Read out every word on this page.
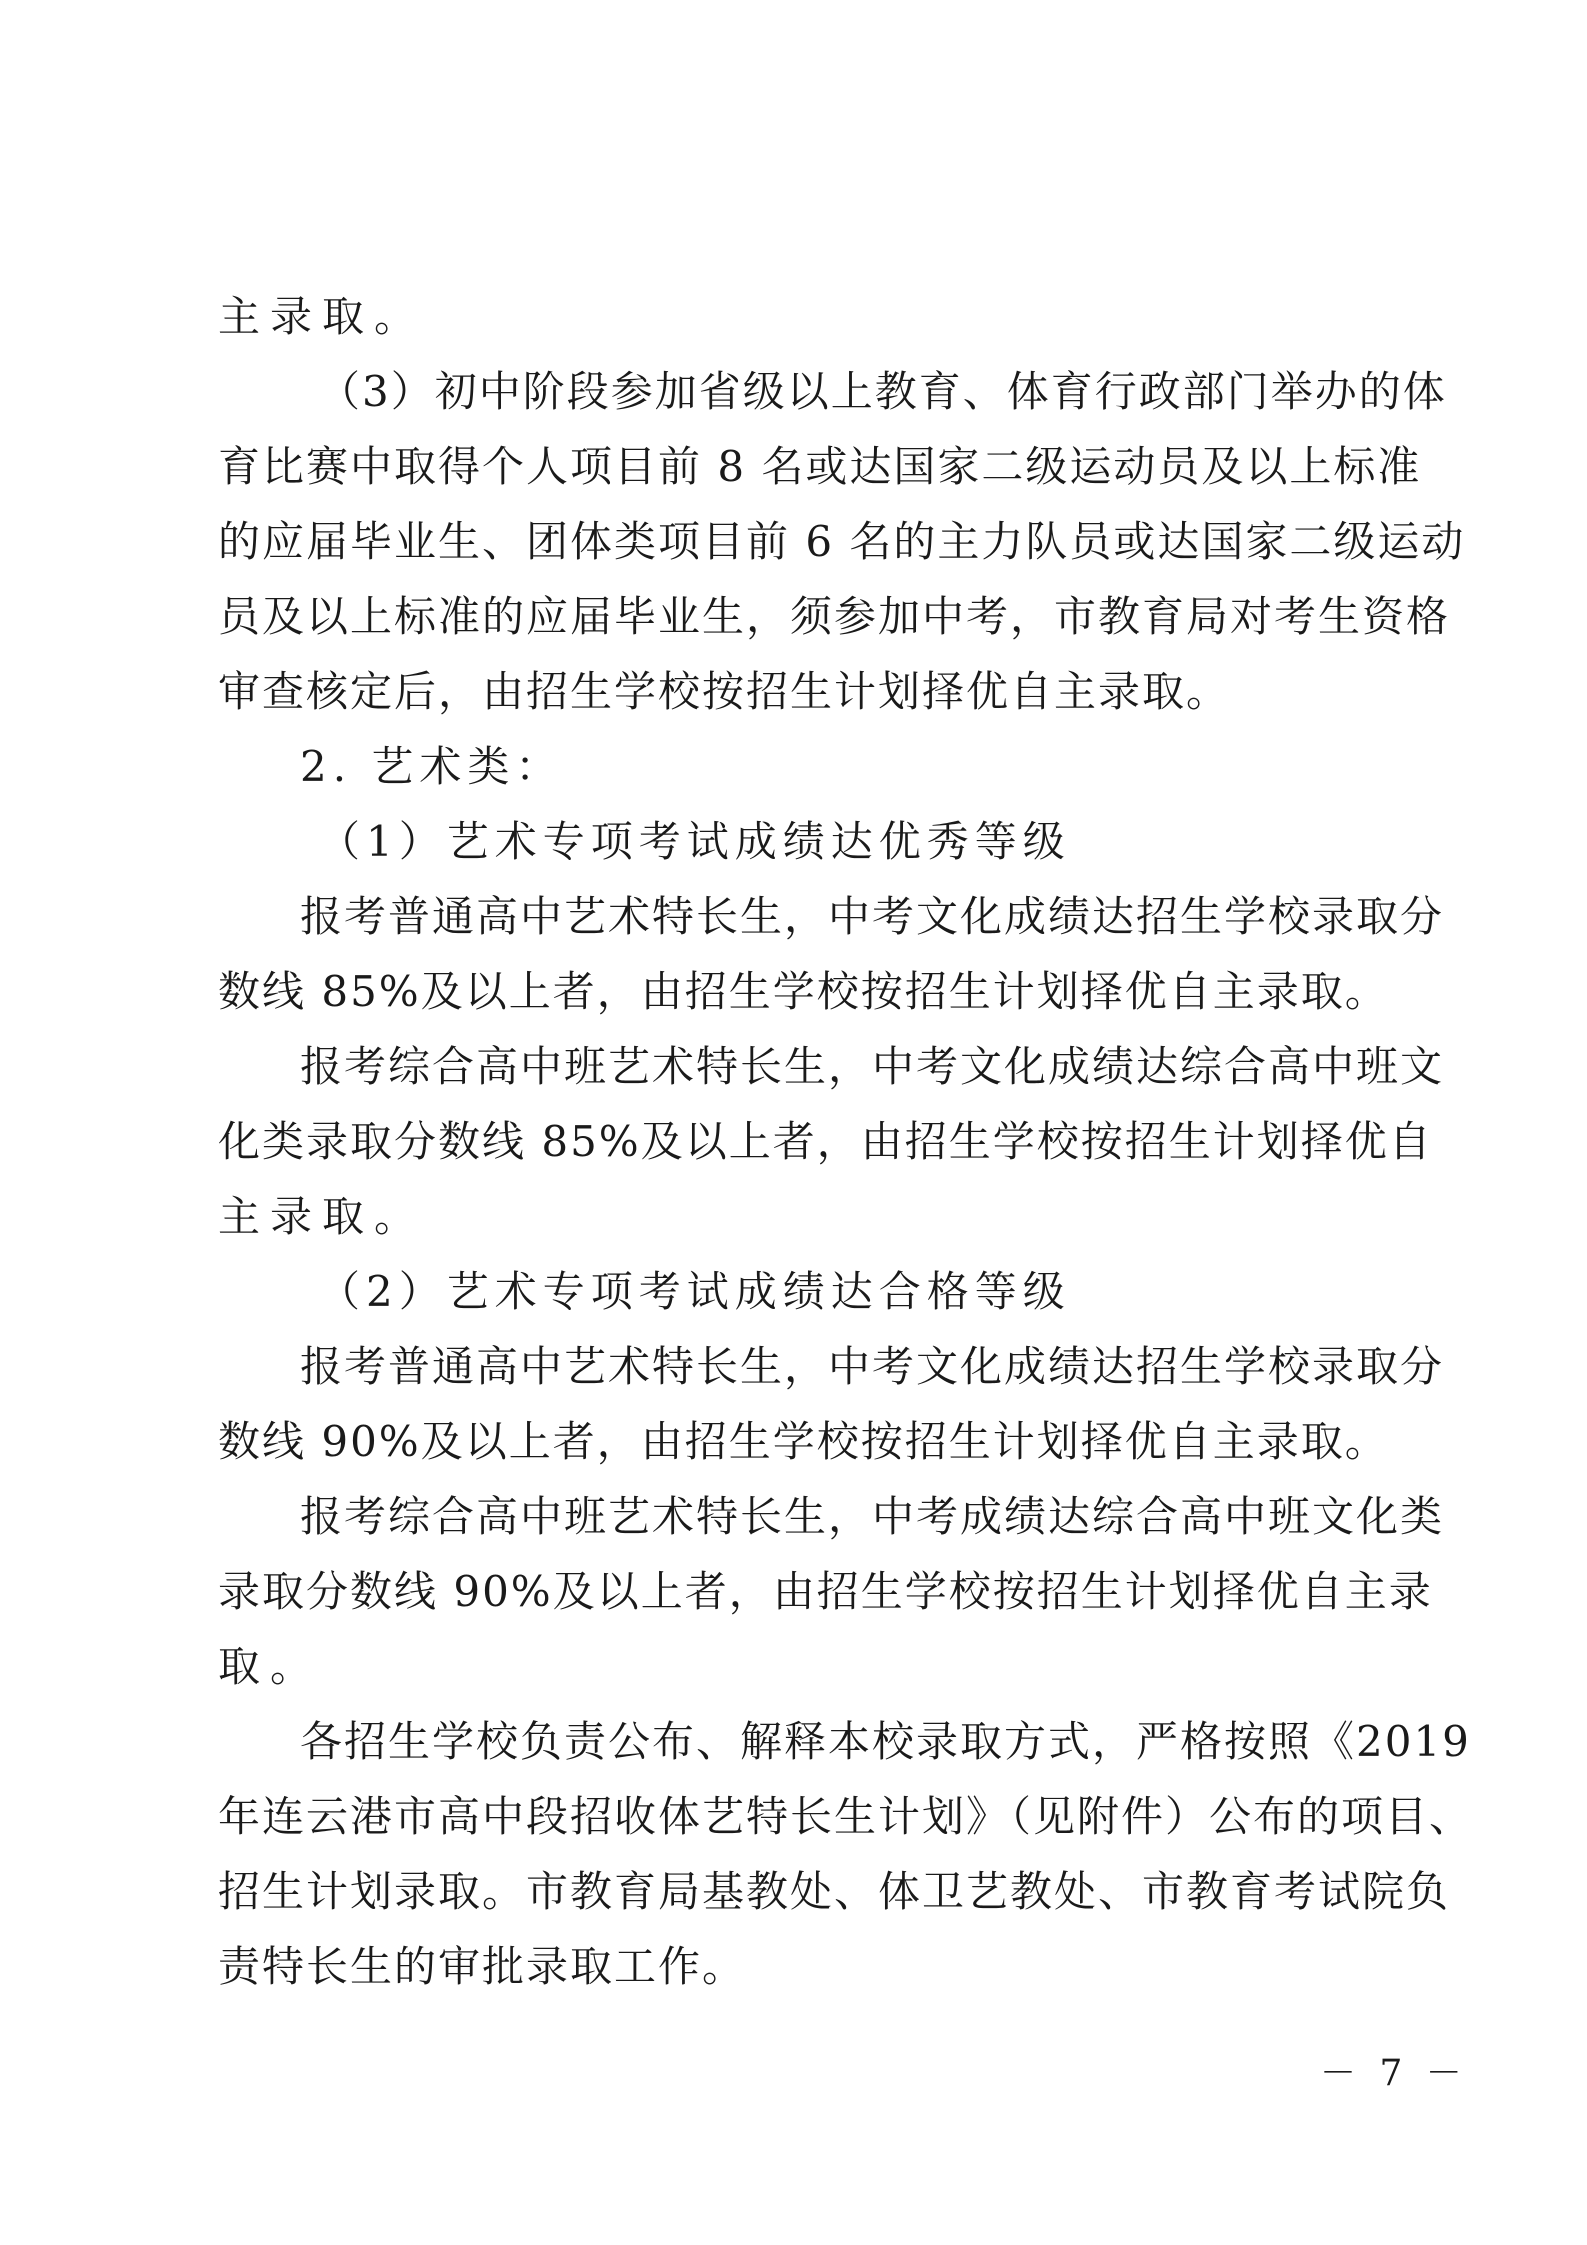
主录取。
（3）初中阶段参加省级以上教育、体育行政部门举办的体
育比赛中取得个人项目前 8 名或达国家二级运动员及以上标准
的应届毕业生、团体类项目前 6 名的主力队员或达国家二级运动
员及以上标准的应届毕业生，须参加中考，市教育局对考生资格
审查核定后，由招生学校按招生计划择优自主录取。
2. 艺术类：
（1）艺术专项考试成绩达优秀等级
报考普通高中艺术特长生，中考文化成绩达招生学校录取分
数线 85%及以上者，由招生学校按招生计划择优自主录取。
报考综合高中班艺术特长生，中考文化成绩达综合高中班文
化类录取分数线 85%及以上者，由招生学校按招生计划择优自
主录取。
（2）艺术专项考试成绩达合格等级
报考普通高中艺术特长生，中考文化成绩达招生学校录取分
数线 90%及以上者，由招生学校按招生计划择优自主录取。
报考综合高中班艺术特长生，中考成绩达综合高中班文化类
录取分数线 90%及以上者，由招生学校按招生计划择优自主录
取。
各招生学校负责公布、解释本校录取方式，严格按照《2019
年连云港市高中段招收体艺特长生计划》（见附件）公布的项目、
招生计划录取。市教育局基教处、体卫艺教处、市教育考试院负
责特长生的审批录取工作。
－ 7 －
